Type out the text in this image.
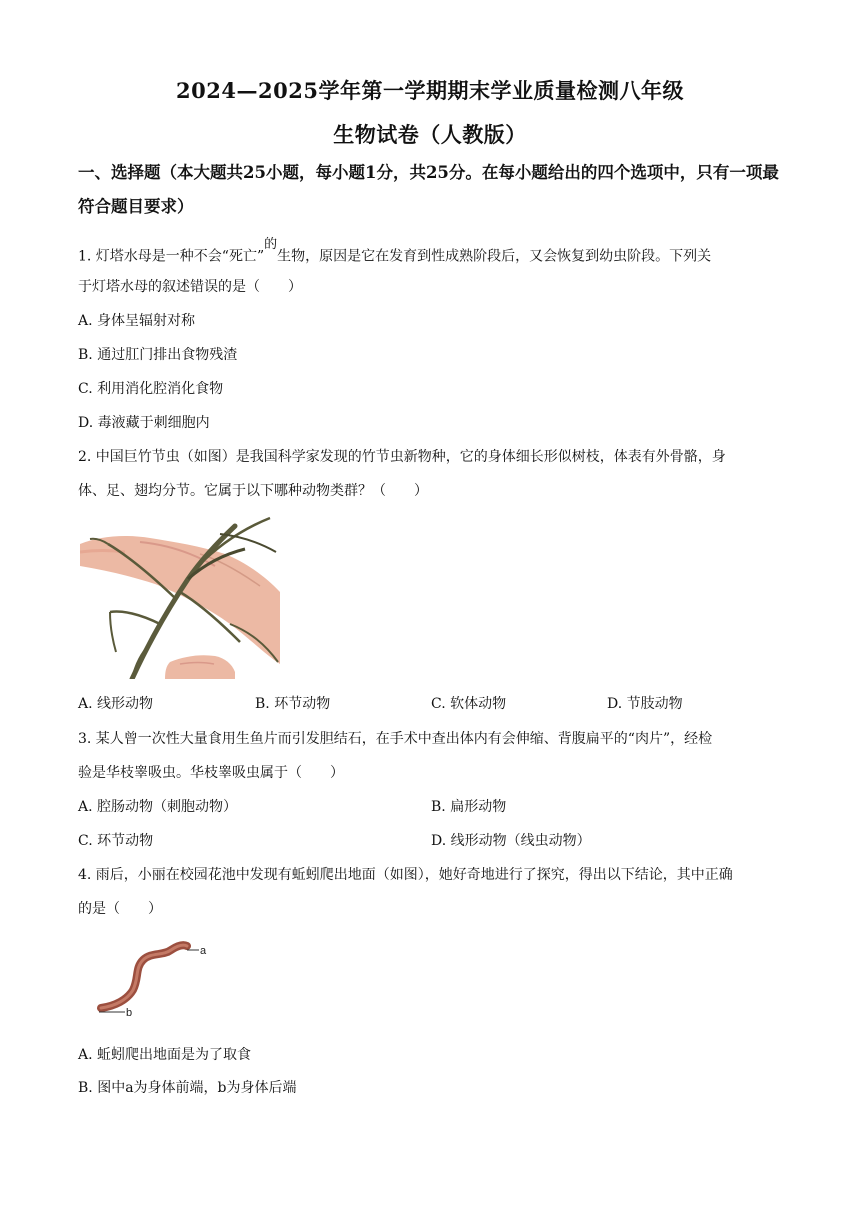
2024—2025学年第一学期期末学业质量检测八年级
生物试卷（人教版）
一、选择题（本大题共25小题，每小题1分，共25分。在每小题给出的四个选项中，只有一项最符合题目要求）
1. 灯塔水母是一种不会“死亡”$^的$生物，原因是它在发育到性成熟阶段后，又会恢复到幼虫阶段。下列关
于灯塔水母的叙述错误的是（　　）
A. 身体呈辐射对称
B. 通过肛门排出食物残渣
C. 利用消化腔消化食物
D. 毒液藏于刺细胞内
2. 中国巨竹节虫（如图）是我国科学家发现的竹节虫新物种，它的身体细长形似树枝，体表有外骨骼，身
体、足、翅均分节。它属于以下哪种动物类群？（　　）
A. 线形动物	B. 环节动物	C. 软体动物	D. 节肢动物
3. 某人曾一次性大量食用生鱼片而引发胆结石，在手术中查出体内有会伸缩、背腹扁平的“肉片”，经检
验是华枝睾吸虫。华枝睾吸虫属于（　　）
A. 腔肠动物（刺胞动物）	B. 扁形动物
C. 环节动物	D. 线形动物（线虫动物）
4. 雨后，小丽在校园花池中发现有蚯蚓爬出地面（如图），她好奇地进行了探究，得出以下结论，其中正确
的是（　　）
a
b
A. 蚯蚓爬出地面是为了取食
B. 图中a为身体前端，b为身体后端
